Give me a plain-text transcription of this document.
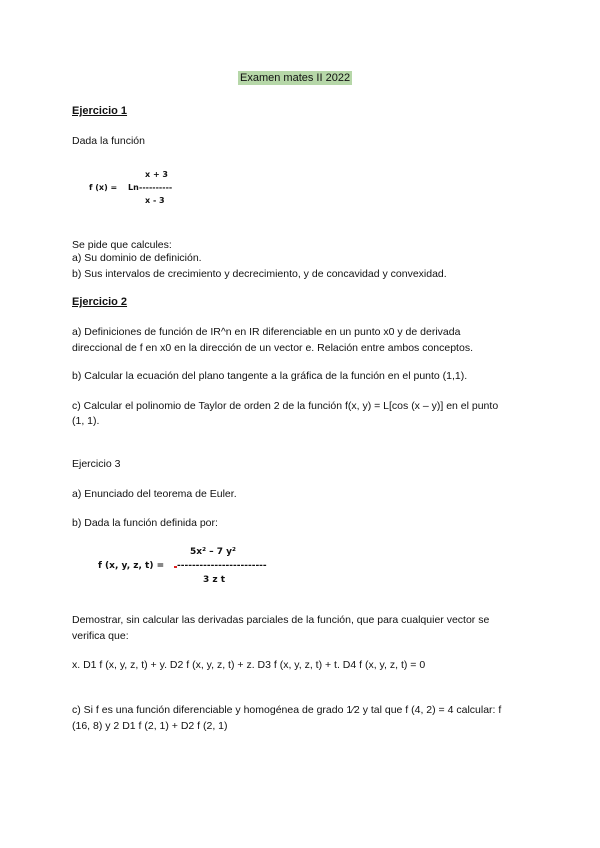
Examen mates II 2022
Ejercicio 1
Dada la función
f (x) = Ln
x + 3
----------
x - 3
Se pide que calcules:
a) Su dominio de definición.
b) Sus intervalos de crecimiento y decrecimiento, y de concavidad y convexidad.
Ejercicio 2
a) Definiciones de función de IR^n en IR diferenciable en un punto x0 y de derivada
direccional de f en x0 en la dirección de un vector e. Relación entre ambos conceptos.
b) Calcular la ecuación del plano tangente a la gráfica de la función en el punto (1,1).
c) Calcular el polinomio de Taylor de orden 2 de la función f(x, y) = L[cos (x – y)] en el punto
(1, 1).
Ejercicio 3
a) Enunciado del teorema de Euler.
b) Dada la función definida por:
f (x, y, z, t) =
5x² – 7 y²
------------------------
3 z t
Demostrar, sin calcular las derivadas parciales de la función, que para cualquier vector se
verifica que:
x. D1 f (x, y, z, t) + y. D2 f (x, y, z, t) + z. D3 f (x, y, z, t) + t. D4 f (x, y, z, t) = 0
c) Si f es una función diferenciable y homogénea de grado 1⁄2 y tal que f (4, 2) = 4 calcular: f
(16, 8) y 2 D1 f (2, 1) + D2 f (2, 1)
